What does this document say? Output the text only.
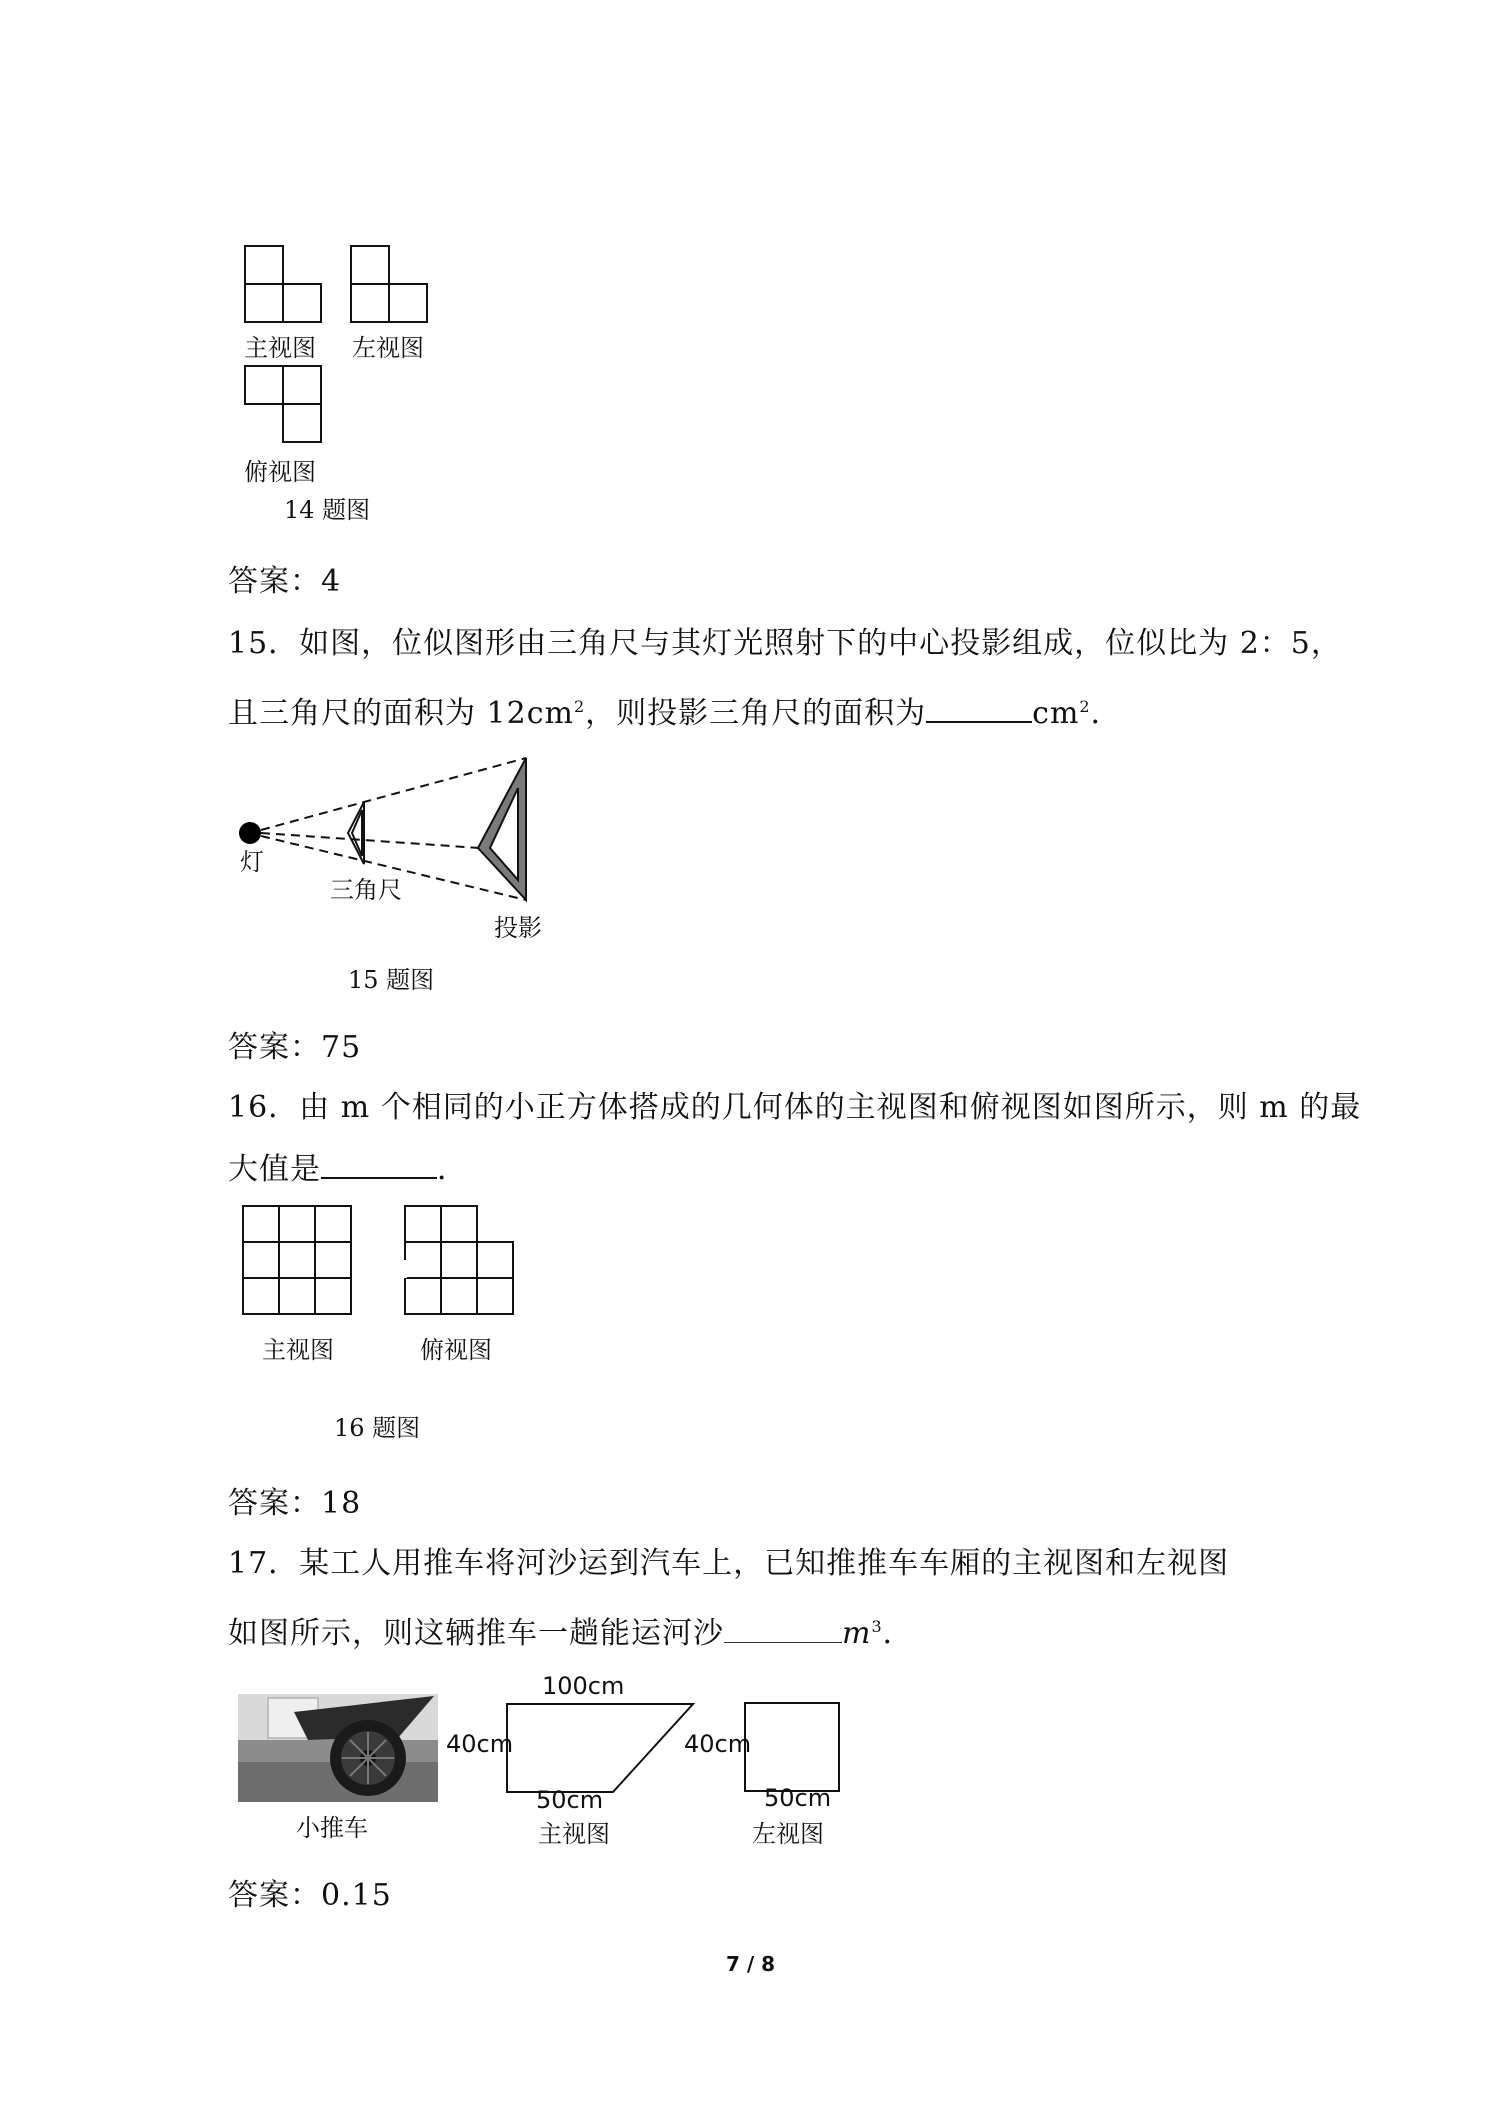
主视图 左视图
俯视图
14 题图
答案：4
15．如图，位似图形由三角尺与其灯光照射下的中心投影组成，位似比为 2：5，
且三角尺的面积为 $12cm^2$，则投影三角尺的面积为	$cm^2$．
灯
三角尺
投影
15 题图
答案：75
16．由 m 个相同的小正方体搭成的几何体的主视图和俯视图如图所示，则 m 的最
大值是	．
主视图	俯视图
16 题图
答案：18
17．某工人用推车将河沙运到汽车上，已知推推车车厢的主视图和左视图
如图所示，则这辆推车一趟能运河沙	$m^3$．
小推车
100cm
40cm
50cm
主视图
40cm
50cm
左视图
答案：0.15
7 / 8
